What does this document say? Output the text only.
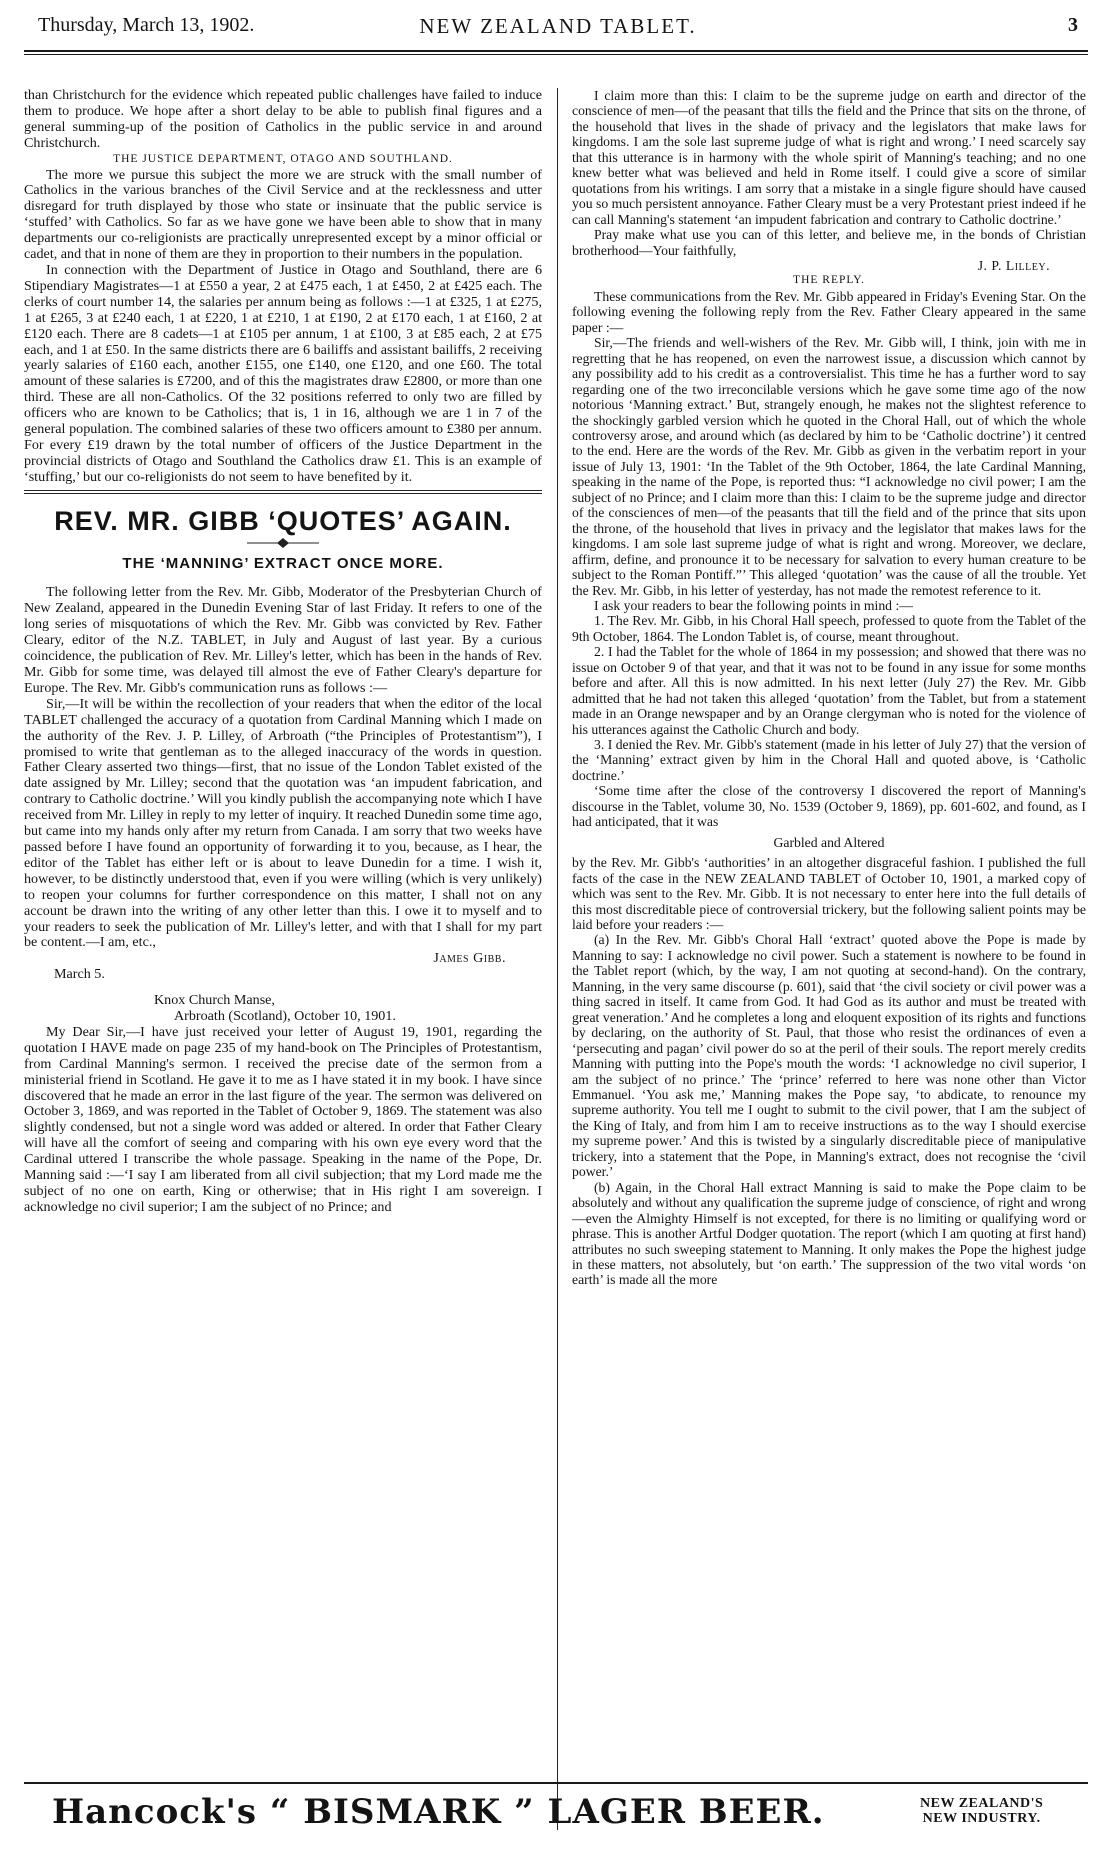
Thursday, March 13, 1902.	NEW ZEALAND TABLET.	3

than Christchurch for the evidence which repeated public challenges have failed to induce them to produce. We hope after a short delay to be able to publish final figures and a general summing-up of the position of Catholics in the public service in and around Christchurch.

THE JUSTICE DEPARTMENT, OTAGO AND SOUTHLAND.

The more we pursue this subject the more we are struck with the small number of Catholics in the various branches of the Civil Service and at the recklessness and utter disregard for truth displayed by those who state or insinuate that the public service is ‘stuffed’ with Catholics. So far as we have gone we have been able to show that in many departments our co-religionists are practically unrepresented except by a minor official or cadet, and that in none of them are they in proportion to their numbers in the population.

In connection with the Department of Justice in Otago and Southland, there are 6 Stipendiary Magistrates—1 at £550 a year, 2 at £475 each, 1 at £450, 2 at £425 each. The clerks of court number 14, the salaries per annum being as follows :—1 at £325, 1 at £275, 1 at £265, 3 at £240 each, 1 at £220, 1 at £210, 1 at £190, 2 at £170 each, 1 at £160, 2 at £120 each. There are 8 cadets—1 at £105 per annum, 1 at £100, 3 at £85 each, 2 at £75 each, and 1 at £50. In the same districts there are 6 bailiffs and assistant bailiffs, 2 receiving yearly salaries of £160 each, another £155, one £140, one £120, and one £60. The total amount of these salaries is £7200, and of this the magistrates draw £2800, or more than one third. These are all non-Catholics. Of the 32 positions referred to only two are filled by officers who are known to be Catholics; that is, 1 in 16, although we are 1 in 7 of the general population. The combined salaries of these two officers amount to £380 per annum. For every £19 drawn by the total number of officers of the Justice Department in the provincial districts of Otago and Southland the Catholics draw £1. This is an example of ‘stuffing,’ but our co-religionists do not seem to have benefited by it.

REV. MR. GIBB ‘QUOTES’ AGAIN.
THE ‘MANNING’ EXTRACT ONCE MORE.

The following letter from the Rev. Mr. Gibb, Moderator of the Presbyterian Church of New Zealand, appeared in the Dunedin Evening Star of last Friday. It refers to one of the long series of misquotations of which the Rev. Mr. Gibb was convicted by Rev. Father Cleary, editor of the N.Z. TABLET, in July and August of last year. By a curious coincidence, the publication of Rev. Mr. Lilley's letter, which has been in the hands of Rev. Mr. Gibb for some time, was delayed till almost the eve of Father Cleary's departure for Europe. The Rev. Mr. Gibb's communication runs as follows :—

Sir,—It will be within the recollection of your readers that when the editor of the local TABLET challenged the accuracy of a quotation from Cardinal Manning which I made on the authority of the Rev. J. P. Lilley, of Arbroath (“the Principles of Protestantism”), I promised to write that gentleman as to the alleged inaccuracy of the words in question. Father Cleary asserted two things—first, that no issue of the London Tablet existed of the date assigned by Mr. Lilley; second that the quotation was ‘an impudent fabrication, and contrary to Catholic doctrine.’ Will you kindly publish the accompanying note which I have received from Mr. Lilley in reply to my letter of inquiry. It reached Dunedin some time ago, but came into my hands only after my return from Canada. I am sorry that two weeks have passed before I have found an opportunity of forwarding it to you, because, as I hear, the editor of the Tablet has either left or is about to leave Dunedin for a time. I wish it, however, to be distinctly understood that, even if you were willing (which is very unlikely) to reopen your columns for further correspondence on this matter, I shall not on any account be drawn into the writing of any other letter than this. I owe it to myself and to your readers to seek the publication of Mr. Lilley's letter, and with that I shall for my part be content.—I am, etc.,

James Gibb.

March 5.

Knox Church Manse,

Arbroath (Scotland), October 10, 1901.

My Dear Sir,—I have just received your letter of August 19, 1901, regarding the quotation I HAVE made on page 235 of my hand-book on The Principles of Protestantism, from Cardinal Manning's sermon. I received the precise date of the sermon from a ministerial friend in Scotland. He gave it to me as I have stated it in my book. I have since discovered that he made an error in the last figure of the year. The sermon was delivered on October 3, 1869, and was reported in the Tablet of October 9, 1869. The statement was also slightly condensed, but not a single word was added or altered. In order that Father Cleary will have all the comfort of seeing and comparing with his own eye every word that the Cardinal uttered I transcribe the whole passage. Speaking in the name of the Pope, Dr. Manning said :—‘I say I am liberated from all civil subjection; that my Lord made me the subject of no one on earth, King or otherwise; that in His right I am sovereign. I acknowledge no civil superior; I am the subject of no Prince; and

I claim more than this: I claim to be the supreme judge on earth and director of the conscience of men—of the peasant that tills the field and the Prince that sits on the throne, of the household that lives in the shade of privacy and the legislators that make laws for kingdoms. I am the sole last supreme judge of what is right and wrong.’ I need scarcely say that this utterance is in harmony with the whole spirit of Manning's teaching; and no one knew better what was believed and held in Rome itself. I could give a score of similar quotations from his writings. I am sorry that a mistake in a single figure should have caused you so much persistent annoyance. Father Cleary must be a very Protestant priest indeed if he can call Manning's statement ‘an impudent fabrication and contrary to Catholic doctrine.’

Pray make what use you can of this letter, and believe me, in the bonds of Christian brotherhood—Your faithfully,

J. P. Lilley.

THE REPLY.

These communications from the Rev. Mr. Gibb appeared in Friday's Evening Star. On the following evening the following reply from the Rev. Father Cleary appeared in the same paper :—

Sir,—The friends and well-wishers of the Rev. Mr. Gibb will, I think, join with me in regretting that he has reopened, on even the narrowest issue, a discussion which cannot by any possibility add to his credit as a controversialist. This time he has a further word to say regarding one of the two irreconcilable versions which he gave some time ago of the now notorious ‘Manning extract.’ But, strangely enough, he makes not the slightest reference to the shockingly garbled version which he quoted in the Choral Hall, out of which the whole controversy arose, and around which (as declared by him to be ‘Catholic doctrine’) it centred to the end. Here are the words of the Rev. Mr. Gibb as given in the verbatim report in your issue of July 13, 1901: ‘In the Tablet of the 9th October, 1864, the late Cardinal Manning, speaking in the name of the Pope, is reported thus: “I acknowledge no civil power; I am the subject of no Prince; and I claim more than this: I claim to be the supreme judge and director of the consciences of men—of the peasants that till the field and of the prince that sits upon the throne, of the household that lives in privacy and the legislator that makes laws for the kingdoms. I am sole last supreme judge of what is right and wrong. Moreover, we declare, affirm, define, and pronounce it to be necessary for salvation to every human creature to be subject to the Roman Pontiff.”’ This alleged ‘quotation’ was the cause of all the trouble. Yet the Rev. Mr. Gibb, in his letter of yesterday, has not made the remotest reference to it.

I ask your readers to bear the following points in mind :—

1. The Rev. Mr. Gibb, in his Choral Hall speech, professed to quote from the Tablet of the 9th October, 1864. The London Tablet is, of course, meant throughout.

2. I had the Tablet for the whole of 1864 in my possession; and showed that there was no issue on October 9 of that year, and that it was not to be found in any issue for some months before and after. All this is now admitted. In his next letter (July 27) the Rev. Mr. Gibb admitted that he had not taken this alleged ‘quotation’ from the Tablet, but from a statement made in an Orange newspaper and by an Orange clergyman who is noted for the violence of his utterances against the Catholic Church and body.

3. I denied the Rev. Mr. Gibb's statement (made in his letter of July 27) that the version of the ‘Manning’ extract given by him in the Choral Hall and quoted above, is ‘Catholic doctrine.’

‘Some time after the close of the controversy I discovered the report of Manning's discourse in the Tablet, volume 30, No. 1539 (October 9, 1869), pp. 601-602, and found, as I had anticipated, that it was

Garbled and Altered

by the Rev. Mr. Gibb's ‘authorities’ in an altogether disgraceful fashion. I published the full facts of the case in the NEW ZEALAND TABLET of October 10, 1901, a marked copy of which was sent to the Rev. Mr. Gibb. It is not necessary to enter here into the full details of this most discreditable piece of controversial trickery, but the following salient points may be laid before your readers :—

(a) In the Rev. Mr. Gibb's Choral Hall ‘extract’ quoted above the Pope is made by Manning to say: I acknowledge no civil power. Such a statement is nowhere to be found in the Tablet report (which, by the way, I am not quoting at second-hand). On the contrary, Manning, in the very same discourse (p. 601), said that ‘the civil society or civil power was a thing sacred in itself. It came from God. It had God as its author and must be treated with great veneration.’ And he completes a long and eloquent exposition of its rights and functions by declaring, on the authority of St. Paul, that those who resist the ordinances of even a ‘persecuting and pagan’ civil power do so at the peril of their souls. The report merely credits Manning with putting into the Pope's mouth the words: ‘I acknowledge no civil superior, I am the subject of no prince.’ The ‘prince’ referred to here was none other than Victor Emmanuel. ‘You ask me,’ Manning makes the Pope say, ‘to abdicate, to renounce my supreme authority. You tell me I ought to submit to the civil power, that I am the subject of the King of Italy, and from him I am to receive instructions as to the way I should exercise my supreme power.’ And this is twisted by a singularly discreditable piece of manipulative trickery, into a statement that the Pope, in Manning's extract, does not recognise the ‘civil power.’

(b) Again, in the Choral Hall extract Manning is said to make the Pope claim to be absolutely and without any qualification the supreme judge of conscience, of right and wrong—even the Almighty Himself is not excepted, for there is no limiting or qualifying word or phrase. This is another Artful Dodger quotation. The report (which I am quoting at first hand) attributes no such sweeping statement to Manning. It only makes the Pope the highest judge in these matters, not absolutely, but ‘on earth.’ The suppression of the two vital words ‘on earth’ is made all the more

Hancock's “ BISMARK ” LAGER BEER.	NEW ZEALAND'S
NEW INDUSTRY.
